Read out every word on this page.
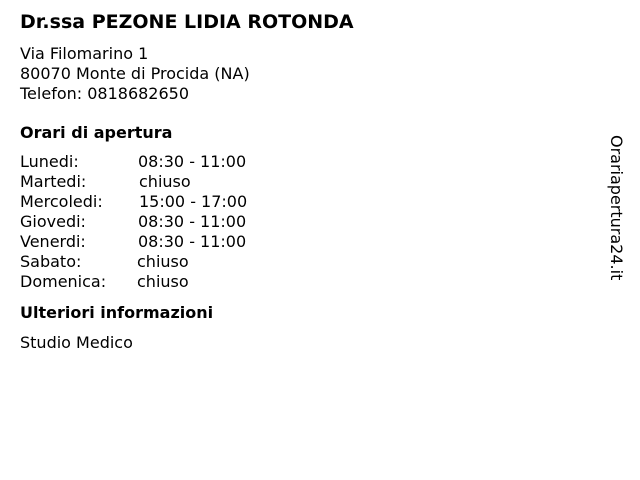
Dr.ssa PEZONE LIDIA ROTONDA
Via Filomarino 1
80070 Monte di Procida (NA)
Telefon: 0818682650
Orari di apertura
Lunedi:	08:30 - 11:00
Martedi:	chiuso
Mercoledi: 15:00 - 17:00
Giovedi:	08:30 - 11:00
Venerdi:	08:30 - 11:00
Sabato:	chiuso
Domenica: chiuso
Ulteriori informazioni
Studio Medico
Orariapertura24.it
